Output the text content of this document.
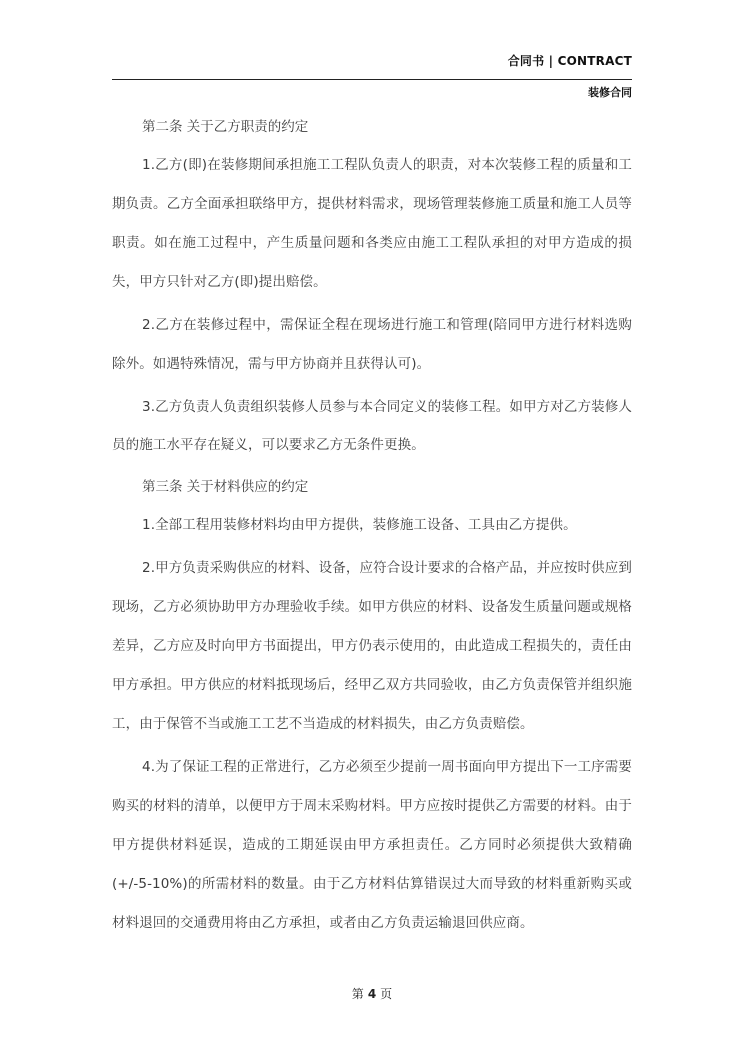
合同书 | CONTRACT
装修合同
第二条 关于乙方职责的约定

1.乙方(即)在装修期间承担施工工程队负责人的职责，对本次装修工程的质量和工期负责。乙方全面承担联络甲方，提供材料需求，现场管理装修施工质量和施工人员等职责。如在施工过程中，产生质量问题和各类应由施工工程队承担的对甲方造成的损失，甲方只针对乙方(即)提出赔偿。

2.乙方在装修过程中，需保证全程在现场进行施工和管理(陪同甲方进行材料选购除外。如遇特殊情况，需与甲方协商并且获得认可)。

3.乙方负责人负责组织装修人员参与本合同定义的装修工程。如甲方对乙方装修人员的施工水平存在疑义，可以要求乙方无条件更换。

第三条 关于材料供应的约定

1.全部工程用装修材料均由甲方提供，装修施工设备、工具由乙方提供。

2.甲方负责采购供应的材料、设备，应符合设计要求的合格产品，并应按时供应到现场，乙方必须协助甲方办理验收手续。如甲方供应的材料、设备发生质量问题或规格差异，乙方应及时向甲方书面提出，甲方仍表示使用的，由此造成工程损失的，责任由甲方承担。甲方供应的材料抵现场后，经甲乙双方共同验收，由乙方负责保管并组织施工，由于保管不当或施工工艺不当造成的材料损失，由乙方负责赔偿。

4.为了保证工程的正常进行，乙方必须至少提前一周书面向甲方提出下一工序需要购买的材料的清单，以便甲方于周末采购材料。甲方应按时提供乙方需要的材料。由于甲方提供材料延误，造成的工期延误由甲方承担责任。乙方同时必须提供大致精确(+/-5-10%)的所需材料的数量。由于乙方材料估算错误过大而导致的材料重新购买或材料退回的交通费用将由乙方承担，或者由乙方负责运输退回供应商。

第 4 页
